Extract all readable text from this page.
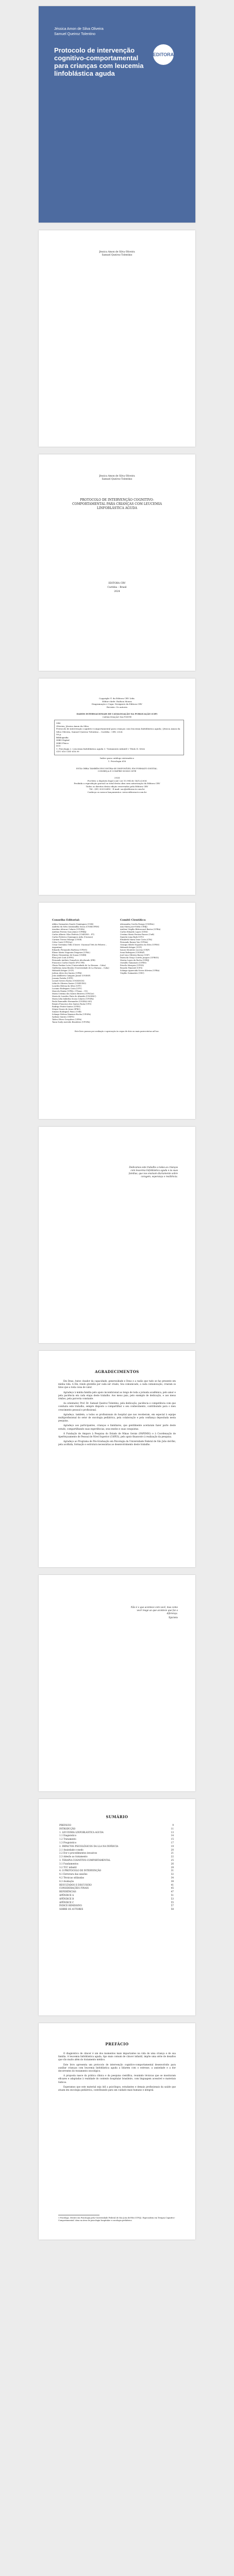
Jéssica Amon de Silva Oliveira
Samuel Queiroz Tolentino
Protocolo de intervenção cognitivo-comportamental para crianças com leucemia linfoblástica aguda
EDITORA
Jéssica Amon de Silva Oliveira
Samuel Queiroz Tolentino
Jéssica Amon de Silva Oliveira
Samuel Queiroz Tolentino
PROTOCOLO DE INTERVENÇÃO COGNITIVO-COMPORTAMENTAL PARA CRIANÇAS COM LEUCEMIA LINFOBLÁSTICA AGUDA
EDITORA CRV
Curitiba – Brasil
2024
Copyright © da Editora CRV Ltda.
Editor-chefe: Railson Moura
Diagramação e Capa: Designers da Editora CRV
Revisão: Os autores
DADOS INTERNACIONAIS DE CATALOGAÇÃO NA PUBLICAÇÃO (CIP)
CATALOGAÇÃO NA FONTE
O48
Oliveira, Jéssica Amon da Silva
Protocolo de intervenção cognitivo-comportamental para crianças com leucemia linfoblástica aguda / Jéssica Amon da Silva Oliveira, Samuel Queiroz Tolentino – Curitiba : CRV, 2024.
58 p.
Bibliografia
ISBN Digital
ISBN Físico
DOI
1. Psicologia 2. Leucemia linfoblástica aguda 3. Tratamento infantil I. Título II. Série
CDU 616 CDD 616.99
Índice para catálogo sistemático
1. Psicologia 616
ESTA OBRA TAMBÉM ENCONTRA-SE DISPONÍVEL EM FORMATO DIGITAL.
CONHEÇA E COMPRE NOSSO SITE
2024
Foi feito o depósito legal conf. Lei 10.994 de 14/12/2004
Proibida a reprodução parcial ou total desta obra sem autorização da Editora CRV
Todos os direitos desta edição reservados pela Editora CRV
Tel.: (41) 3039-6418 - E-mail: sac@editoracrv.com.br
Conheça os nossos lançamentos: www.editoracrv.com.br
Conselho Editorial:
Aldira Guimarães Duarte Domínguez (UNB)
Andréia da Silva Quintanilha Sousa (UNIR/UFRN)
Anselmo Alencar Colares (UFOPA)
Antônio Pereira Gaio Júnior (UFRRJ)
Carlos Alberto Vilar Estêvão (UMINHO – PT)
Carlos Federico Dominguez Avila (Unieuro)
Carmen Tereza Velanga (UNIR)
Celso Conti (UFSCar)
Cesar Gerónimo Tello (Univer .Nacional Três de Febrero – Argentina)
Eduardo Fernandes Barbosa (UFMG)
Elione Maria Nogueira Diogenes (UFAL)
Elizeu Clementino de Souza (UNEB)
Élsio José Corá (UFFS)
Fernando Antônio Gonçalves Alcoforado (IPB)
Francisco Carlos Duarte (PUC-PR)
Gloria Fariñas León (Universidade de La Havana – Cuba)
Guillermo Arias Beatón (Universidade de La Havana – Cuba)
Helmuth Krüger (UCP)
Jailson Alves dos Santos (UFRJ)
João Adalberto Campato Junior (UNESP)
Josania Portela (UFPI)
Leonel Severo Rocha (UNISINOS)
Lídia de Oliveira Xavier (UNIEURO)
Lourdes Helena da Silva (UFV)
Luciano Rodrigues Costa (UFV)
Marcelo Paixão (UFRJ e UTexas – US)
Maria Cristina dos Santos Bezerra (UFSCar)
Maria de Lourdes Pinto de Almeida (UNOESC)
Maria Lília Imbiriba Sousa Colares (UFOPA)
Paulo Romualdo Hernandes (UNIFAL-MG)
Renato Francisco dos Santos Paula (UFG)
Rodrigo Pratte-Santos (UFES)
Sérgio Nunes de Jesus (IFRO)
Simone Rodrigues Pinto (UNB)
Solange Helena Ximenes-Rocha (UFOPA)
Sydione Santos (UEPG)
Tadeu Oliver Gonçalves (UFPA)
Tania Suely Azevedo Brasileiro (UFOPA)
Comitê Científico:
Alessandra Corrêa Farago (UNIFAL)
Ana Maria Jacó-Vilela (UERJ)
Antônio Virgílio Bittencourt Bastos (UFBA)
Carlos Eduardo Lopes (UEM)
Cristina Maria Pereira Passos (UnB)
Daniela Lima Bryk (UFC)
Elisabeth Maria Sene Costa (CPA)
Fernando Ramos Vaz (UFMA)
Georgia Sibele Nogueira da Silva (UFRN)
Helmuth Krüger (UCP)
Isaura Monteiro Lucena (UFJF)
Ivani Rodrigues (UNIFAP)
José Lino Oliveira Bueno (USP)
Maria da Graça Corrêa Jacques (UFRGS)
Marisa Lopes da Rocha (UERJ)
Oswaldo Yamamoto (UFRN)
Priscila Marques (UFGD)
Ricardo Pimentel (UFS)
Solange Aparecida Neves Silveira (UFBA)
Virgílio Guimarães (UEG)
Este livro passou por avaliação e aprovação às cegas de dois ou mais pareceristas ad hoc.
Dedicamos este trabalho a todas as crianças com leucemia linfoblástica aguda e às suas famílias, que nos ensinam diariamente sobre coragem, esperança e resiliência.
AGRADECIMENTOS

Em Deus, Autor, doador da capacidade, generosidade e Deus e a razão que tudo se faz presente em minha vida. A Ele, rendo gratidão por cada ser criado, Seu comunicado, a cada comunicação, criaram os fatos que a toda coisa de valor.

Agradeço à minha família pelo apoio incondicional ao longo de toda a jornada acadêmica, pelo amor e pela paciência em cada etapa deste trabalho. Aos meus pais, pelo exemplo de dedicação, e aos meus irmãos, pela parceria constante.

Ao orientador, Prof. Dr. Samuel Queiroz Tolentino, pela dedicação, paciência e competência com que conduziu este trabalho, sempre disposto a compartilhar o seu conhecimento, contribuindo para o meu crescimento pessoal e profissional.

Agradeço, também, a todos os profissionais do hospital que nos receberam, em especial à equipe multiprofissional do setor de oncologia pediátrica, pela colaboração e pela confiança depositada nesta pesquisa.

Agradeço aos participantes, crianças e familiares, que gentilmente aceitaram fazer parte deste estudo, compartilhando suas experiências, seus medos e suas conquistas.

À Fundação de Amparo à Pesquisa do Estado de Minas Gerais (FAPEMIG) e à Coordenação de Aperfeiçoamento de Pessoal de Nível Superior (CAPES), pelo apoio financeiro à realização da pesquisa.

Agradeço ao Programa de Pós-Graduação em Psicologia da Universidade Federal de São João del-Rei, pela acolhida, formação e estrutura necessárias ao desenvolvimento deste trabalho.

Não é o que acontece com você, mas como você reage ao que acontece que faz a diferença.
Epicteto
SUMÁRIO
PREFÁCIO	9
INTRODUÇÃO	11
1. LEUCEMIA LINFOBLÁSTICA AGUDA	13
1.1 Diagnóstico	14
1.2 Tratamento	15
1.3 Prognóstico	17
2. IMPACTOS PSICOLÓGICOS DA LLA NA INFÂNCIA	19
2.1 Ansiedade e medo	20
2.2 Dor e procedimentos invasivos	21
2.3 Adesão ao tratamento	22
3. TERAPIA COGNITIVO-COMPORTAMENTAL	25
3.1 Fundamentos	26
3.2 TCC infantil	28
4. O PROTOCOLO DE INTERVENÇÃO	31
4.1 Estrutura das sessões	32
4.2 Técnicas utilizadas	34
4.3 Avaliação	38
RESULTADOS E DISCUSSÃO	41
CONSIDERAÇÕES FINAIS	45
REFERÊNCIAS	47
APÊNDICE A	51
APÊNDICE B	53
APÊNDICE C	55
ÍNDICE REMISSIVO	57
SOBRE OS AUTORES	58
PREFÁCIO

O diagnóstico de câncer é um dos momentos mais impactantes na vida de uma criança e de sua família. A leucemia linfoblástica aguda, tipo mais comum de câncer infantil, impõe uma série de desafios que vão muito além do tratamento médico.

Este livro apresenta um protocolo de intervenção cognitivo-comportamental desenvolvido para auxiliar crianças com leucemia linfoblástica aguda a lidarem com o estresse, a ansiedade e a dor decorrentes do tratamento oncológico.

A proposta nasce da prática clínica e da pesquisa científica, reunindo técnicas que se mostraram eficazes e adaptadas à realidade do contexto hospitalar brasileiro, com linguagem acessível e materiais lúdicos.

Esperamos que este material seja útil a psicólogos, estudantes e demais profissionais da saúde que atuam em oncologia pediátrica, contribuindo para um cuidado mais humano e integral.

1 Psicóloga. Mestre em Psicologia pela Universidade Federal de São João del-Rei (UFSJ). Especialista em Terapia Cognitivo-Comportamental. Atua na área de psicologia hospitalar e oncologia pediátrica.
